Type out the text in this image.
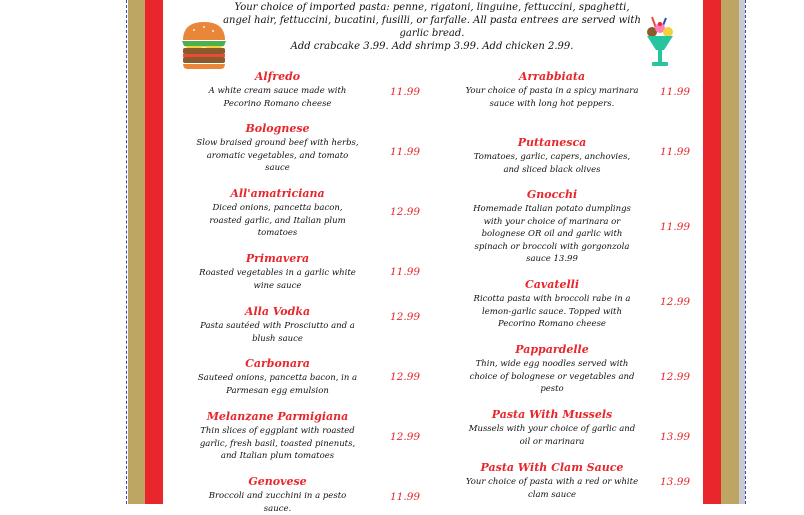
Your choice of imported pasta: penne, rigatoni, linguine, fettuccini, spaghetti, angel hair, fettuccini, bucatini, fusilli, or farfalle. All pasta entrees are served with garlic bread.
Add crabcake 3.99. Add shrimp 3.99. Add chicken 2.99.
Alfredo
A white cream sauce made with Pecorino Romano cheese
11.99
Bolognese
Slow braised ground beef with herbs, aromatic vegetables, and tomato sauce
11.99
All'amatriciana
Diced onions, pancetta bacon, roasted garlic, and Italian plum tomatoes
12.99
Primavera
Roasted vegetables in a garlic white wine sauce
11.99
Alla Vodka
Pasta sautéed with Prosciutto and a blush sauce
12.99
Carbonara
Sauteed onions, pancetta bacon, in a Parmesan egg emulsion
12.99
Melanzane Parmigiana
Thin slices of eggplant with roasted garlic, fresh basil, toasted pinenuts, and Italian plum tomatoes
12.99
Genovese
Broccoli and zucchini in a pesto sauce.
11.99
Arrabbiata
Your choice of pasta in a spicy marinara sauce with long hot peppers.
11.99
Puttanesca
Tomatoes, garlic, capers, anchovies, and sliced black olives
11.99
Gnocchi
Homemade Italian potato dumplings with your choice of marinara or bolognese OR oil and garlic with spinach or broccoli with gorgonzola sauce 13.99
11.99
Cavatelli
Ricotta pasta with broccoli rabe in a lemon-garlic sauce. Topped with Pecorino Romano cheese
12.99
Pappardelle
Thin, wide egg noodles served with choice of bolognese or vegetables and pesto
12.99
Pasta With Mussels
Mussels with your choice of garlic and oil or marinara	13.99
Pasta With Clam Sauce
Your choice of pasta with a red or white clam sauce
13.99
